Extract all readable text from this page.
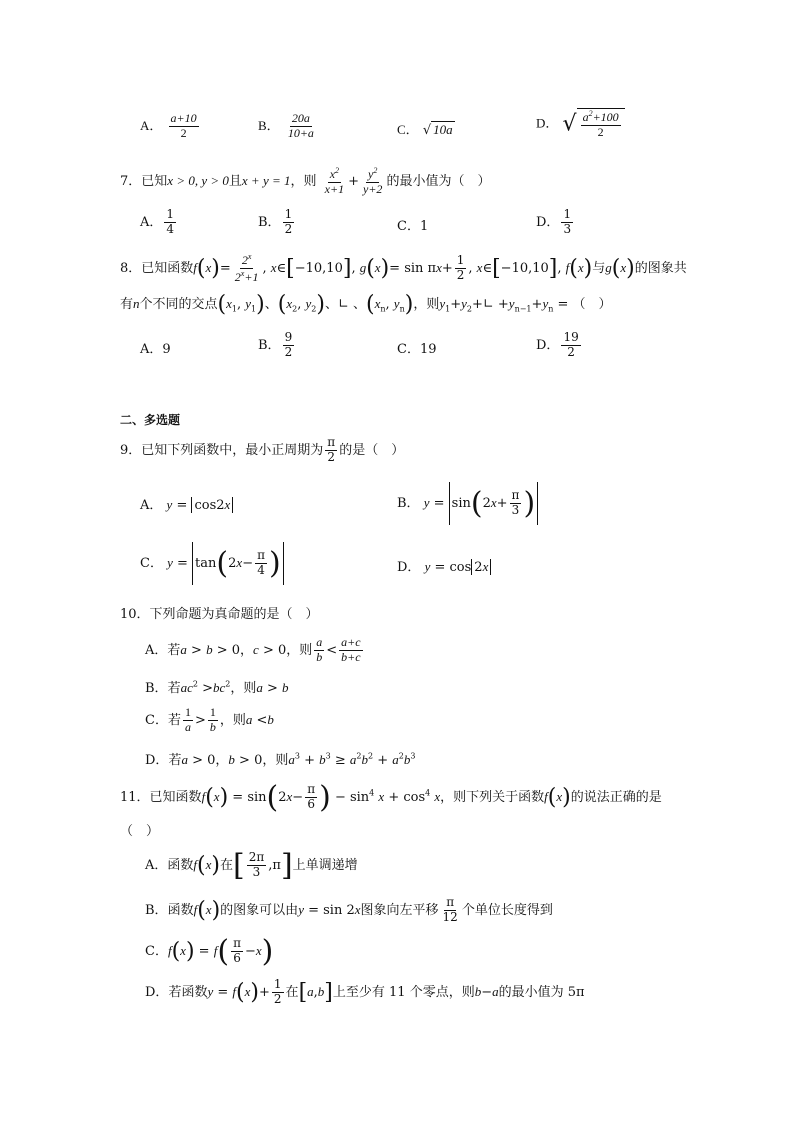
A． $\frac{a+10}{2}$	B． $\frac{20a}{10+a}$	C． √ 10a	D． √ $\frac{a^2+100}{2}$
7．已知x > 0, y > 0且x + y = 1，则 $\frac{x^2}{x+1} + \frac{y^2}{y+2}$ 的最小值为（　）
A． $\frac{1}{4}$	B． $\frac{1}{2}$	C．1	D． $\frac{1}{3}$
8．已知函数$f(x)= \frac{2^x}{2^x+1}$ , x∈[−10,10], $g(x)= \sin \pi x+ \frac{1}{2}$ , x∈[−10,10], f(x)与g(x)的图象共
有n个不同的交点($x_1$, $y_1$)、($x_2$, $y_2$)、∟ 、($x_n$, $y_n$)，则$y_1+y_2+∟ +y_{n-1}+y_n$ = （　）
A．9	B． $\frac{9}{2}$	C．19	D． $\frac{19}{2}$
二、多选题
9．已知下列函数中，最小正周期为 $\frac{\pi}{2}$ 的是（　）
A． y = cos2x	B． $y = \sin(2x+ \frac{\pi}{3}$ )
C． $y = \tan(2x- \frac{\pi}{4}$ )	D． y = cos 2x
10．下列命题为真命题的是（　）
A．若a > b > 0，c > 0，则 $\frac{a}{b} < \frac{a+c}{b+c}$
B．若$ac^2 >bc^2$，则a > b
C．若 $\frac{1}{a} > \frac{1}{b}$ ，则a <b
D．若a > 0，b > 0，则$a^3 + b^3 \ge a^2b^2 + a^2b^3$
11．已知函数$f(x) = \sin(2x- \frac{\pi}{6}$ ) − $\sin^4 x + \cos^4 x$，则下列关于函数f(x)的说法正确的是
（　）
A．函数f(x)在[ $\frac{2\pi}{3} ,\pi$]上单调递增
B．函数f(x)的图象可以由y = sin 2x图象向左平移 $\frac{\pi}{12}$ 个单位长度得到
C．$f(x) = f( \frac{\pi}{6} -x)$
D．若函数$y = f(x)+ \frac{1}{2}$ 在[a,b]上至少有 11 个零点，则b−a的最小值为 5π
